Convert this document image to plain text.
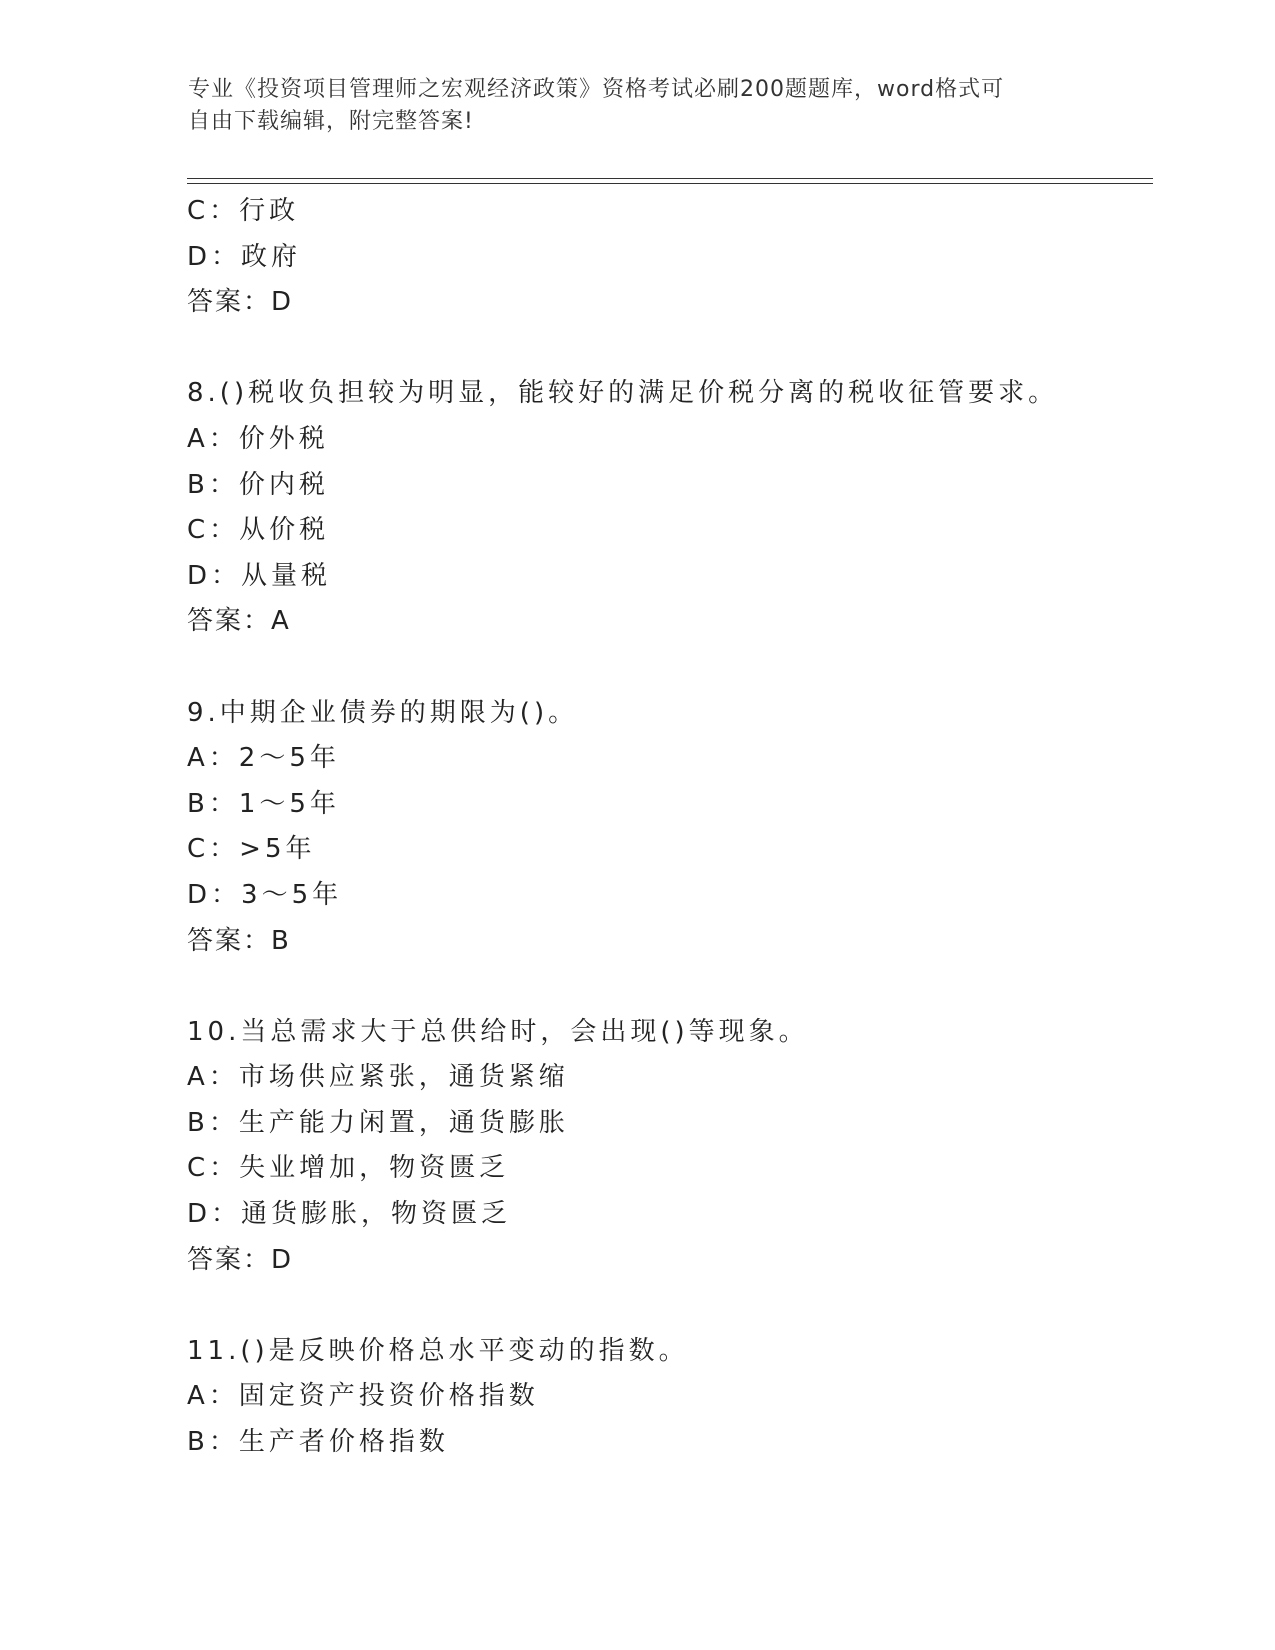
专业《投资项目管理师之宏观经济政策》资格考试必刷200题题库，word格式可
自由下载编辑，附完整答案!
C：行政
D：政府
答案：D
8.()税收负担较为明显，能较好的满足价税分离的税收征管要求。
A：价外税
B：价内税
C：从价税
D：从量税
答案：A
9.中期企业债券的期限为()。
A：2～5年
B：1～5年
C：>5年
D：3～5年
答案：B
10.当总需求大于总供给时，会出现()等现象。
A：市场供应紧张，通货紧缩
B：生产能力闲置，通货膨胀
C：失业增加，物资匮乏
D：通货膨胀，物资匮乏
答案：D
11.()是反映价格总水平变动的指数。
A：固定资产投资价格指数
B：生产者价格指数
